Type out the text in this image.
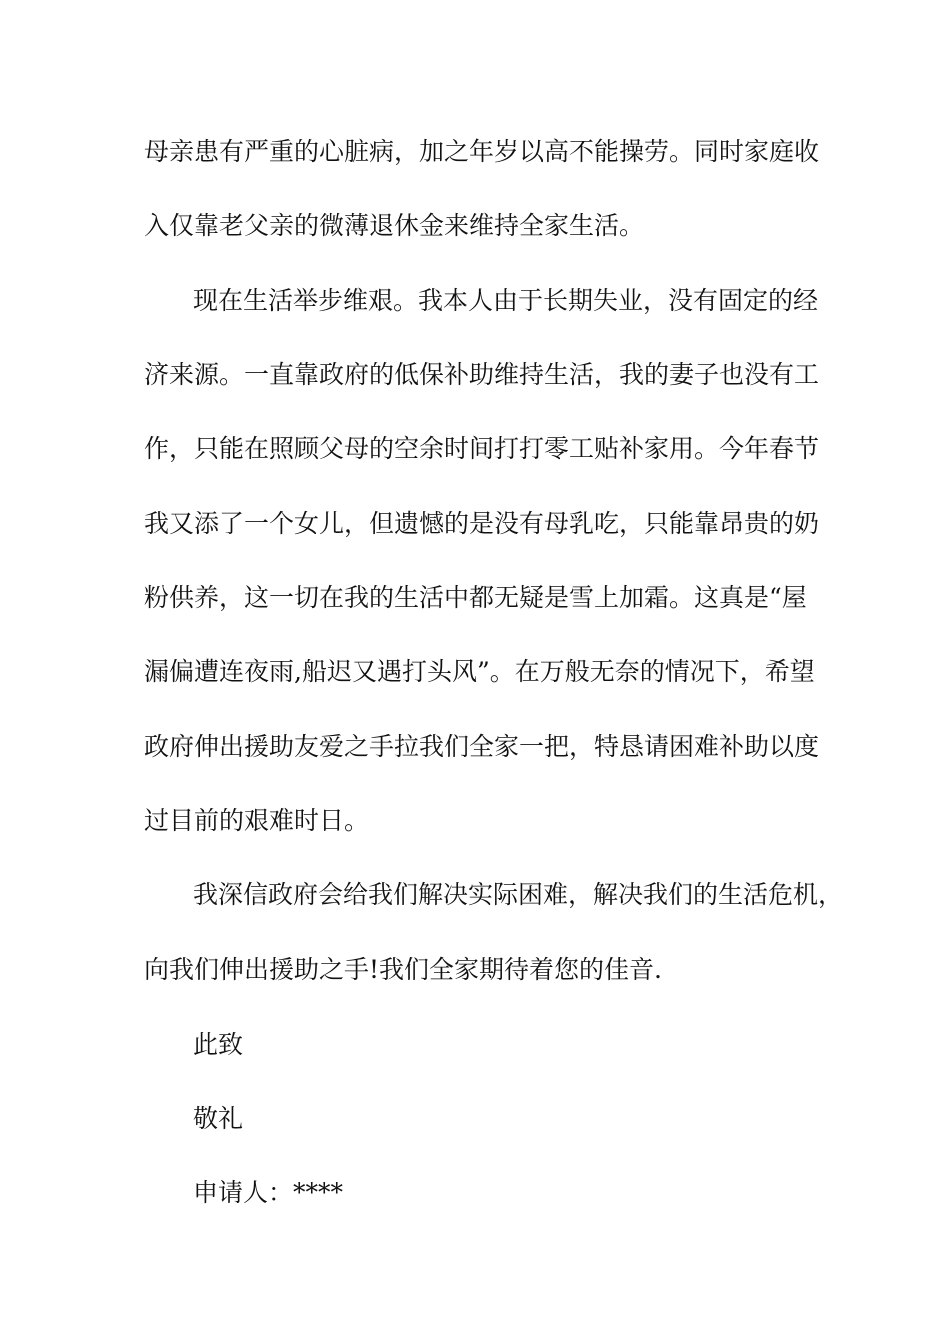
母亲患有严重的心脏病，加之年岁以高不能操劳。同时家庭收
入仅靠老父亲的微薄退休金来维持全家生活。
现在生活举步维艰。我本人由于长期失业，没有固定的经
济来源。一直靠政府的低保补助维持生活，我的妻子也没有工
作，只能在照顾父母的空余时间打打零工贴补家用。今年春节
我又添了一个女儿，但遗憾的是没有母乳吃，只能靠昂贵的奶
粉供养，这一切在我的生活中都无疑是雪上加霜。这真是“屋
漏偏遭连夜雨,船迟又遇打头风”。在万般无奈的情况下，希望
政府伸出援助友爱之手拉我们全家一把，特恳请困难补助以度
过目前的艰难时日。
我深信政府会给我们解决实际困难，解决我们的生活危机，
向我们伸出援助之手!我们全家期待着您的佳音.
此致
敬礼
申请人：****
